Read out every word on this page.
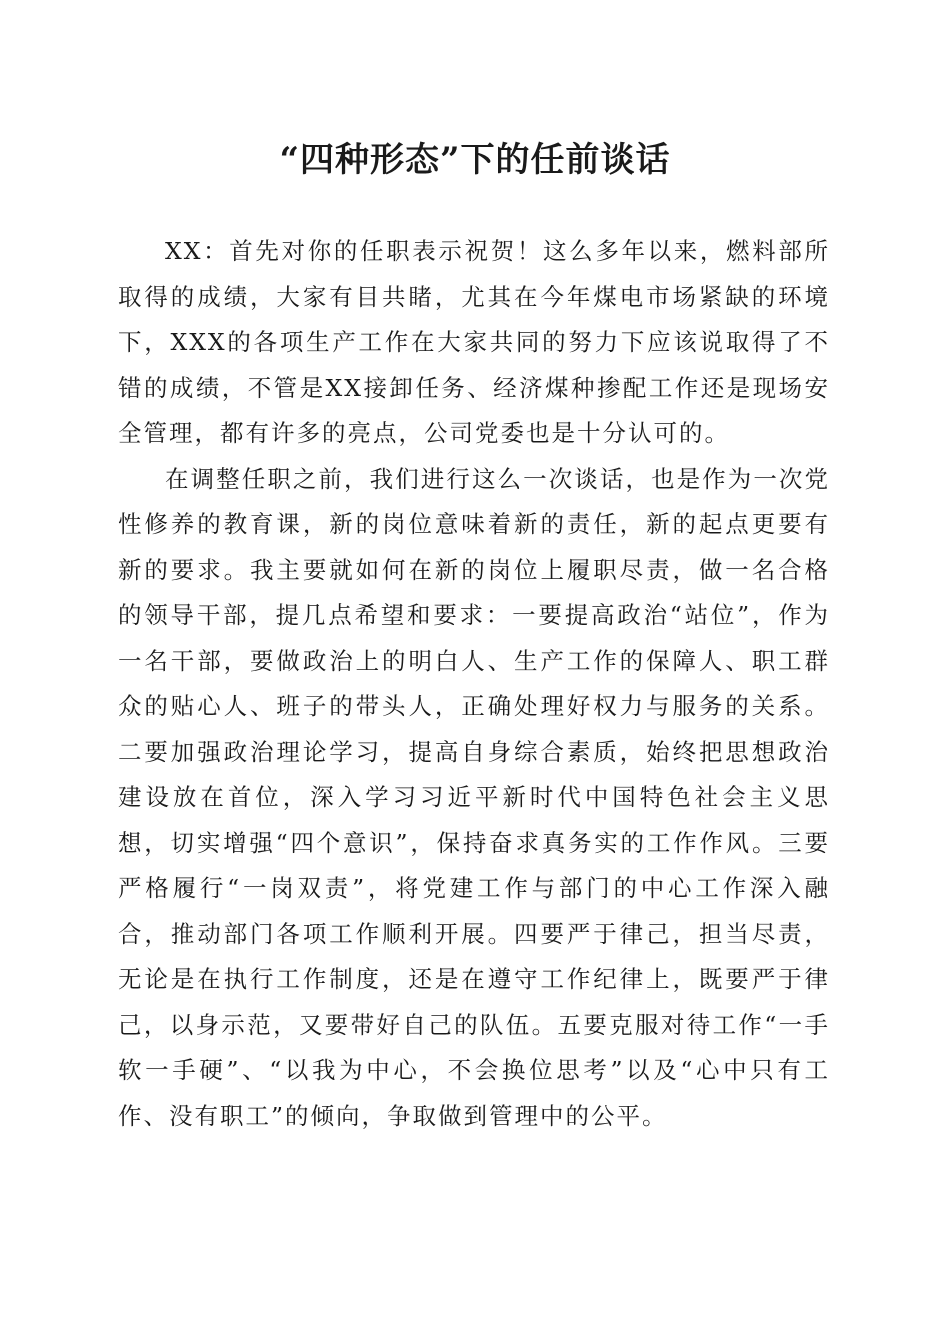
“四种形态”下的任前谈话

XX：首先对你的任职表示祝贺！这么多年以来，燃料部所取得的成绩，大家有目共睹，尤其在今年煤电市场紧缺的环境下，XXX的各项生产工作在大家共同的努力下应该说取得了不错的成绩，不管是XX接卸任务、经济煤种掺配工作还是现场安全管理，都有许多的亮点，公司党委也是十分认可的。

在调整任职之前，我们进行这么一次谈话，也是作为一次党性修养的教育课，新的岗位意味着新的责任，新的起点更要有新的要求。我主要就如何在新的岗位上履职尽责，做一名合格的领导干部，提几点希望和要求：一要提高政治“站位”，作为一名干部，要做政治上的明白人、生产工作的保障人、职工群众的贴心人、班子的带头人，正确处理好权力与服务的关系。二要加强政治理论学习，提高自身综合素质，始终把思想政治建设放在首位，深入学习习近平新时代中国特色社会主义思想，切实增强“四个意识”，保持奋求真务实的工作作风。三要严格履行“一岗双责”，将党建工作与部门的中心工作深入融合，推动部门各项工作顺利开展。四要严于律己，担当尽责，无论是在执行工作制度，还是在遵守工作纪律上，既要严于律己，以身示范，又要带好自己的队伍。五要克服对待工作“一手软一手硬”、“以我为中心，不会换位思考”以及“心中只有工作、没有职工”的倾向，争取做到管理中的公平。
